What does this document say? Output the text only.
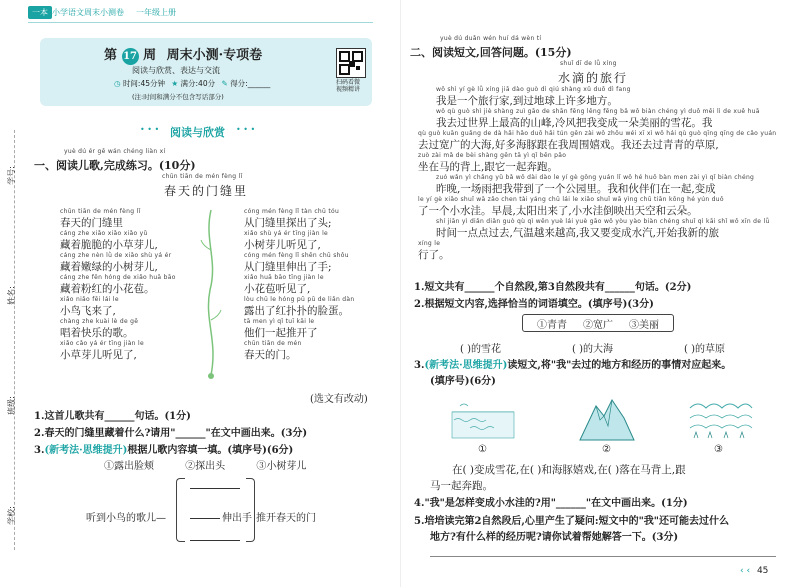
一本 小学语文周末小测卷 一年级上册
第 17 周 周末小测·专项卷
阅读与欣赏、表达与交流
◷ 时间:45分钟 ★ 满分:40分 ✎ 得分:______
(注:时间和满分不包含写话部分)
扫码看微
视频精讲
学号:
姓名:
班级:
学校:
• • • 阅读与欣赏 • • •
yuè dú ér gē wán chéng liàn xí
一、阅读儿歌,完成练习。(10分)
chūn tiān de mén fèng lǐ
春天的门缝里
chūn tiān de mén fèng lǐ
春天的门缝里
cáng zhe xiǎo xiǎo xiǎo yǔ
藏着脆脆的小草芽儿,
cáng zhe nèn lǜ de xiǎo shù yá ér
藏着嫩绿的小树芽儿,
cáng zhe fěn hóng de xiǎo huā bāo
藏着粉红的小花苞。
xiǎo niǎo fēi lái le
小鸟飞来了,
chàng zhe kuài lè de gē
唱着快乐的歌。
xiǎo cǎo yá ér tīng jiàn le
小草芽儿听见了,
cóng mén fèng lǐ tàn chū tóu
从门缝里探出了头;
xiǎo shù yá ér tīng jiàn le
小树芽儿听见了,
cóng mén fèng lǐ shēn chū shǒu
从门缝里伸出了手;
xiǎo huā bāo tīng jiàn le
小花苞听见了,
lòu chū le hóng pū pū de liǎn dàn
露出了红扑扑的脸蛋。
tā men yì qǐ tuī kāi le
他们一起推开了
chūn tiān de mén
春天的门。
(选文有改动)
1.这首儿歌共有______句话。(1分)
2.春天的门缝里藏着什么?请用"______"在文中画出来。(3分)
3.(新考法·思维提升)根据儿歌内容填一填。(填序号)(6分)
①露出脸颊	②探出头	③小树芽儿
听到小鸟的歌儿—	伸出手 推开春天的门
二、阅读短文,回答问题。(15分)
yuè dú duǎn wén huí dá wèn tí
shuǐ dī de lǚ xíng
水滴的旅行
wǒ shì yí gè lǚ xíng jiā dào guò dì qiú shàng xǔ duō dì fang
我是一个旅行家,到过地球上许多地方。
wǒ qù guò shì jiè shàng zuì gāo de shān fēng lěng fēng bǎ wǒ biàn chéng yì duǒ měi lì de xuě huā
我去过世界上最高的山峰,冷风把我变成一朵美丽的雪花。我
qù guò kuān guǎng de dà hǎi hǎo duō hǎi tún gēn zài wǒ zhōu wéi xī xì wǒ hái qù guò qīng qīng de cǎo yuán
去过宽广的大海,好多海豚跟在我周围嬉戏。我还去过青青的草原,
zuò zài mǎ de bèi shàng gēn tā yì qǐ bēn pǎo
坐在马的背上,跟它一起奔跑。
zuó wǎn yì chǎng yǔ bǎ wǒ dài dào le yí gè gōng yuán lǐ wǒ hé huǒ bàn men zài yì qǐ biàn chéng
昨晚,一场雨把我带到了一个公园里。我和伙伴们在一起,变成
le yí gè xiǎo shuǐ wā zǎo chen tài yáng chū lái le xiǎo shuǐ wā yìng chū tiān kōng hé yún duǒ
了一个小水洼。早晨,太阳出来了,小水洼倒映出天空和云朵。
shí jiān yì diǎn diǎn guò qù qì wēn yuè lái yuè gāo wǒ yòu yào biàn chéng shuǐ qì kāi shǐ wǒ xīn de lǚ
时间一点点过去,气温越来越高,我又要变成水汽,开始我新的旅
xíng le
行了。
1.短文共有______个自然段,第3自然段共有______句话。(2分)
2.根据短文内容,选择恰当的词语填空。(填序号)(3分)
①青青 ②宽广 ③美丽
( )的雪花	( )的大海	( )的草原
3.(新考法·思维提升)读短文,将"我"去过的地方和经历的事情对应起来。
(填序号)(6分)
①	②	③
在( )变成雪花,在( )和海豚嬉戏,在( )落在马背上,跟
马一起奔跑。
4."我"是怎样变成小水洼的?用"______"在文中画出来。(1分)
5.培培读完第2自然段后,心里产生了疑问:短文中的"我"还可能去过什么
地方?有什么样的经历呢?请你试着帮她解答一下。(3分)
‹ ‹ 45
